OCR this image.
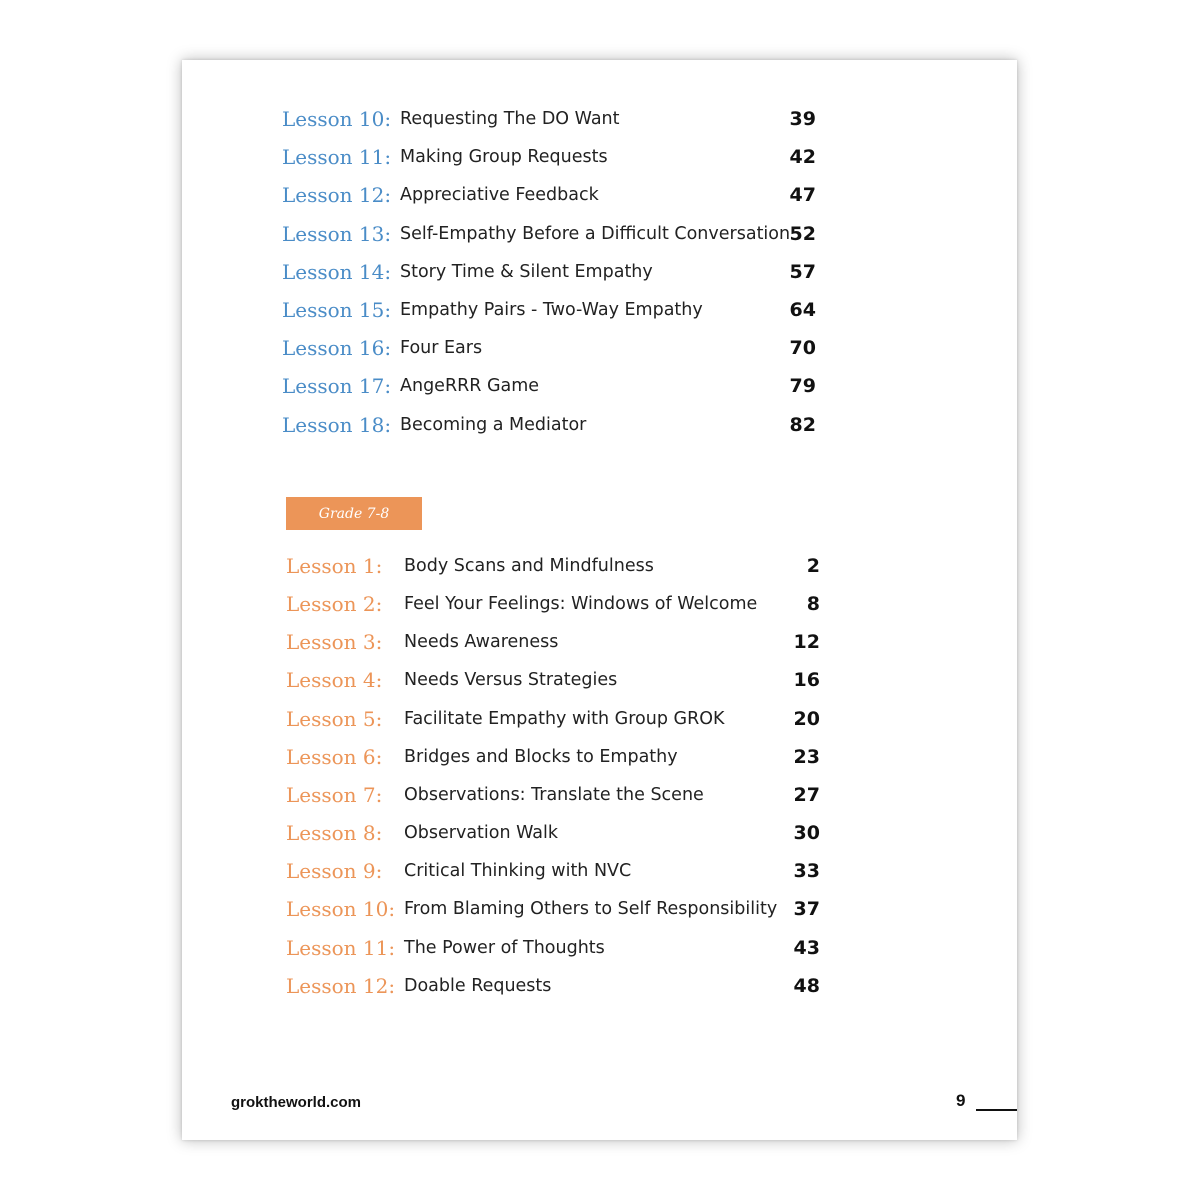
Lesson 10: Requesting The DO Want	39
Lesson 11: Making Group Requests	42
Lesson 12: Appreciative Feedback	47
Lesson 13: Self-Empathy Before a Difficult Conversation 52
Lesson 14: Story Time & Silent Empathy	57
Lesson 15: Empathy Pairs - Two-Way Empathy	64
Lesson 16: Four Ears	70
Lesson 17: AngeRRR Game	79
Lesson 18: Becoming a Mediator	82
Grade 7-8
Lesson 1: Body Scans and Mindfulness	2
Lesson 2: Feel Your Feelings: Windows of Welcome	8
Lesson 3: Needs Awareness	12
Lesson 4: Needs Versus Strategies	16
Lesson 5: Facilitate Empathy with Group GROK	20
Lesson 6: Bridges and Blocks to Empathy	23
Lesson 7: Observations: Translate the Scene	27
Lesson 8: Observation Walk	30
Lesson 9: Critical Thinking with NVC	33
Lesson 10: From Blaming Others to Self Responsibility 37
Lesson 11: The Power of Thoughts	43
Lesson 12: Doable Requests	48
groktheworld.com	9
